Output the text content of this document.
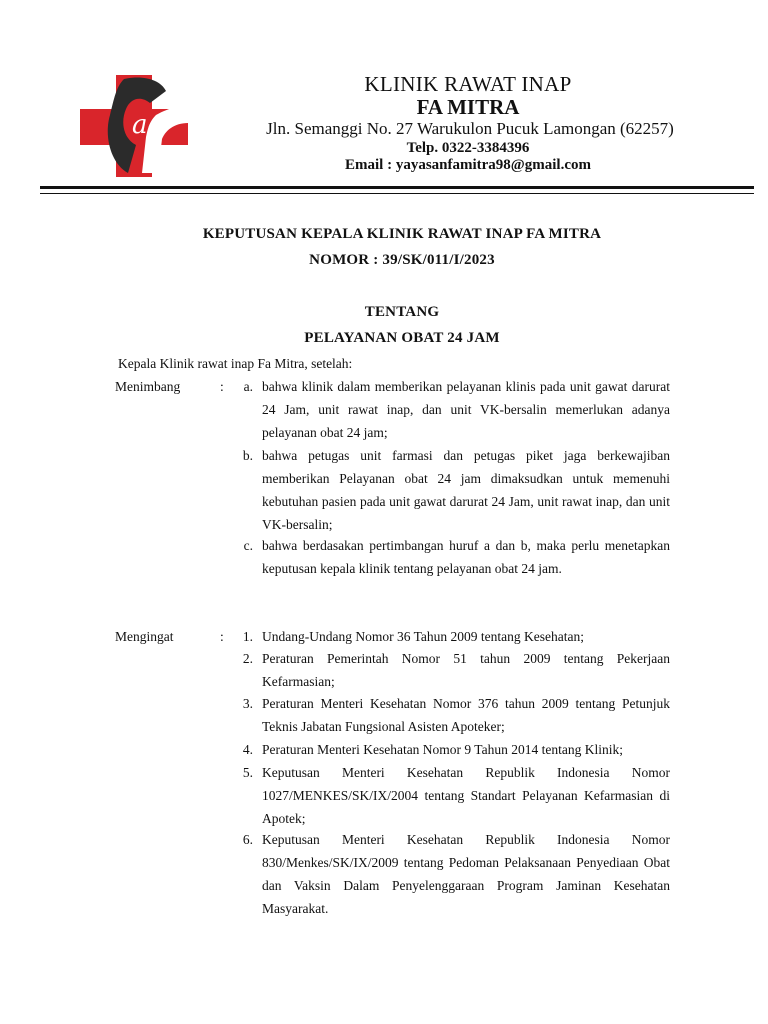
a
KLINIK RAWAT INAP
FA MITRA
Jln. Semanggi No. 27 Warukulon Pucuk Lamongan (62257)
Telp. 0322-3384396
Email : yayasanfamitra98@gmail.com
KEPUTUSAN KEPALA KLINIK RAWAT INAP FA MITRA
NOMOR : 39/SK/011/I/2023
TENTANG
PELAYANAN OBAT 24 JAM
Kepala Klinik rawat inap Fa Mitra, setelah:
Menimbang	:	a. bahwa klinik dalam memberikan pelayanan klinis pada unit gawat darurat 24 Jam, unit rawat inap, dan unit VK-bersalin memerlukan adanya pelayanan obat 24 jam;
b. bahwa petugas unit farmasi dan petugas piket jaga berkewajiban memberikan Pelayanan obat 24 jam dimaksudkan untuk memenuhi kebutuhan pasien pada unit gawat darurat 24 Jam, unit rawat inap, dan unit VK-bersalin;
c. bahwa berdasakan pertimbangan huruf a dan b, maka perlu menetapkan keputusan kepala klinik tentang pelayanan obat 24 jam.
Mengingat	:	1. Undang-Undang Nomor 36 Tahun 2009 tentang Kesehatan;
2. Peraturan Pemerintah Nomor 51 tahun 2009 tentang Pekerjaan Kefarmasian;
3. Peraturan Menteri Kesehatan Nomor 376 tahun 2009 tentang Petunjuk Teknis Jabatan Fungsional Asisten Apoteker;
4. Peraturan Menteri Kesehatan Nomor 9 Tahun 2014 tentang Klinik;
5. Keputusan Menteri Kesehatan Republik Indonesia Nomor 1027/MENKES/SK/IX/2004 tentang Standart Pelayanan Kefarmasian di Apotek;
6. Keputusan Menteri Kesehatan Republik Indonesia Nomor 830/Menkes/SK/IX/2009 tentang Pedoman Pelaksanaan Penyediaan Obat dan Vaksin Dalam Penyelenggaraan Program Jaminan Kesehatan Masyarakat.
